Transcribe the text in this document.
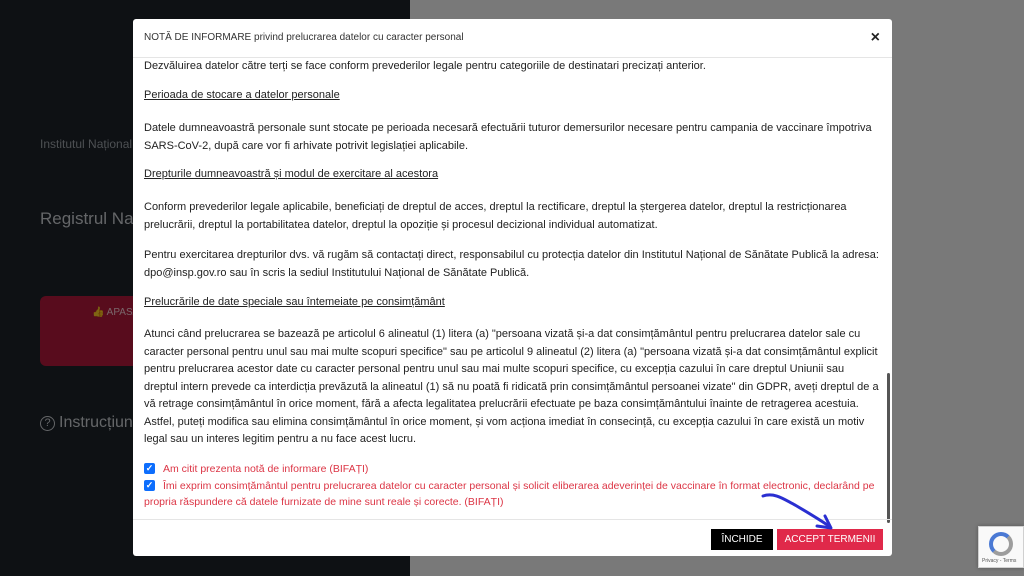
Privacy - Terms
NOTĂ DE INFORMARE privind prelucrarea datelor cu caracter personal	×
Dezvăluirea datelor către terți se face conform prevederilor legale pentru categoriile de destinatari precizați anterior.
Perioada de stocare a datelor personale
Datele dumneavoastră personale sunt stocate pe perioada necesară efectuării tuturor demersurilor necesare pentru campania de vaccinare împotriva SARS-CoV-2, după care vor fi arhivate potrivit legislației aplicabile.
Drepturile dumneavoastră și modul de exercitare al acestora
Conform prevederilor legale aplicabile, beneficiați de dreptul de acces, dreptul la rectificare, dreptul la ștergerea datelor, dreptul la restricționarea prelucrării, dreptul la portabilitatea datelor, dreptul la opoziție și procesul decizional individual automatizat.
Pentru exercitarea drepturilor dvs. vă rugăm să contactați direct, responsabilul cu protecția datelor din Institutul Național de Sănătate Publică la adresa: dpo@insp.gov.ro sau în scris la sediul Institutului Național de Sănătate Publică.
Prelucrările de date speciale sau întemeiate pe consimțământ
Atunci când prelucrarea se bazează pe articolul 6 alineatul (1) litera (a) "persoana vizată și-a dat consimțământul pentru prelucrarea datelor sale cu caracter personal pentru unul sau mai multe scopuri specifice" sau pe articolul 9 alineatul (2) litera (a) "persoana vizată și-a dat consimțământul explicit pentru prelucrarea acestor date cu caracter personal pentru unul sau mai multe scopuri specifice, cu excepția cazului în care dreptul Uniunii sau dreptul intern prevede ca interdicția prevăzută la alineatul (1) să nu poată fi ridicată prin consimțământul persoanei vizate" din GDPR, aveți dreptul de a vă retrage consimțământul în orice moment, fără a afecta legalitatea prelucrării efectuate pe baza consimțământului înainte de retragerea acestuia. Astfel, puteți modifica sau elimina consimțământul în orice moment, și vom acționa imediat în consecință, cu excepția cazului în care există un motiv legal sau un interes legitim pentru a nu face acest lucru.
✓ Am citit prezenta notă de informare (BIFAȚI)
✓ Îmi exprim consimțământul pentru prelucrarea datelor cu caracter personal și solicit eliberarea adeverinței de vaccinare în format electronic, declarând pe propria răspundere că datele furnizate de mine sunt reale și corecte. (BIFAȚI)
ÎNCHIDE	ACCEPT TERMENII
